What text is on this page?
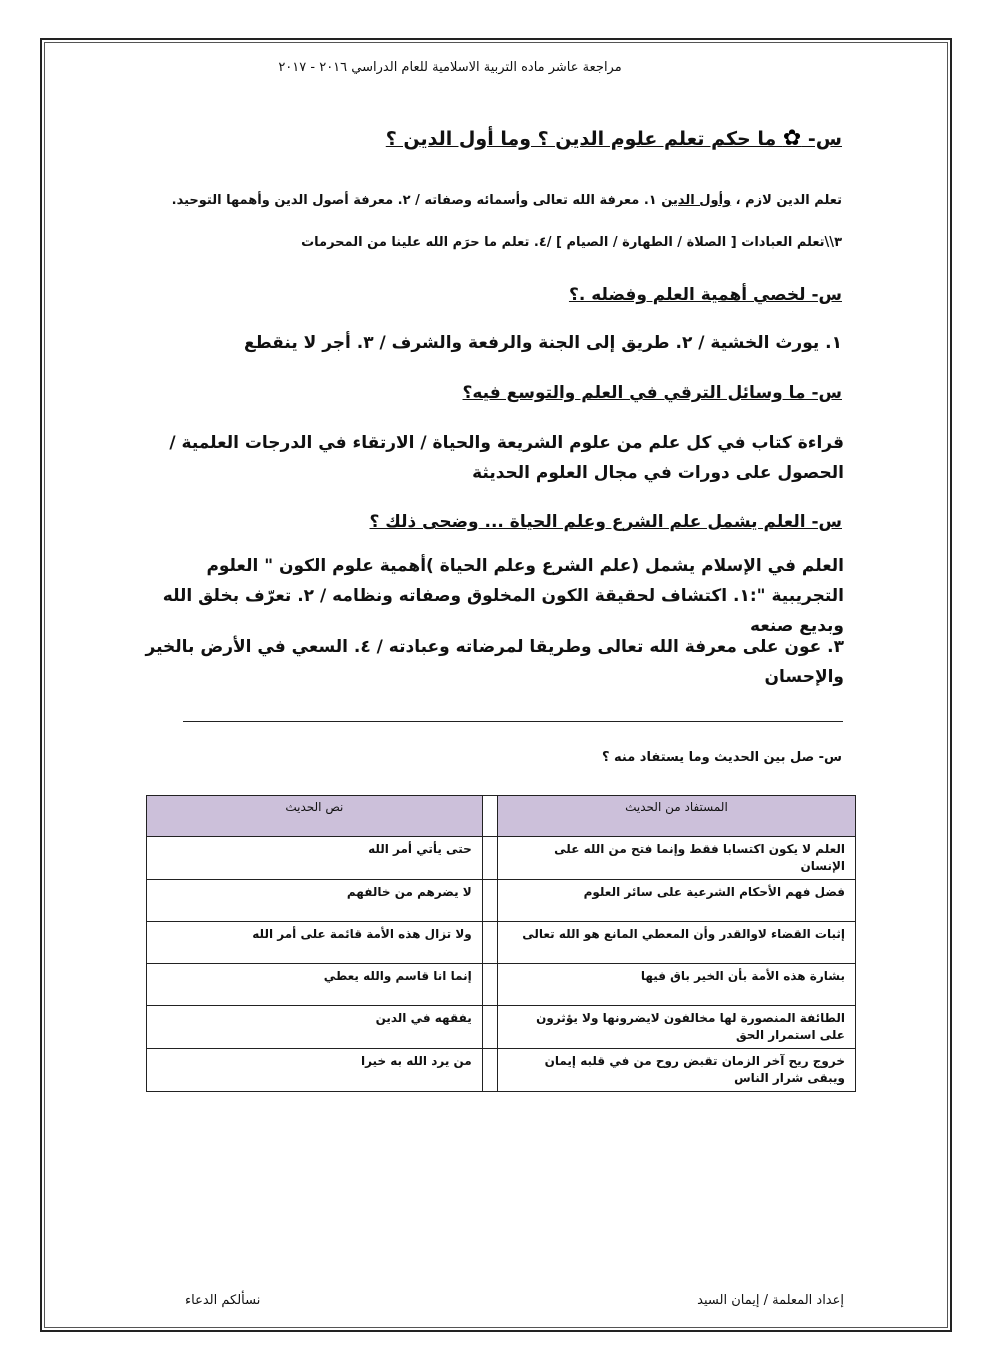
مراجعة عاشر ماده التربية الاسلامية للعام الدراسي ٢٠١٦ - ٢٠١٧
س- ✿ ما حكم تعلم علوم الدين ؟ وما أول الدين ؟
تعلم الدين لازم ، وأول الدين ١. معرفة الله تعالى وأسمائه وصفاته / ٢. معرفة أصول الدين وأهمها التوحيد.
٣\\تعلم العبادات [ الصلاة / الطهارة / الصيام ] /٤. تعلم ما حرَم الله علينا من المحرمات
س- لخصي أهمية العلم وفضله .؟
١. يورث الخشية / ٢. طريق إلى الجنة والرفعة والشرف / ٣. أجر لا ينقطع
س- ما وسائل الترقي في العلم والتوسع فيه؟
قراءة كتاب في كل علم من علوم الشريعة والحياة / الارتقاء في الدرجات العلمية / الحصول على دورات في مجال العلوم الحديثة
س- العلم يشمل علم الشرع وعلم الحياة ... وضحى ذلك ؟
العلم في الإسلام يشمل (علم الشرع وعلم الحياة )أهمية علوم الكون " العلوم التجريبية ":١. اكتشاف لحقيقة الكون المخلوق وصفاته ونظامه / ٢. تعرّف بخلق الله وبديع صنعه
٣. عون على معرفة الله تعالى وطريقا لمرضاته وعبادته / ٤. السعي في الأرض بالخير والإحسان
س- صل بين الحديث وما يستفاد منه ؟
المستفاد من الحديث		نص الحديث
العلم لا يكون اكتسابا فقط وإنما فتح من الله على الإنسان		حتى يأتي أمر الله
فضل فهم الأحكام الشرعية على سائر العلوم		لا يضرهم من خالفهم
إثبات القضاء لاوالقدر وأن المعطي المانع هو الله تعالى		ولا تزال هذه الأمة قائمة على أمر الله
بشارة هذه الأمة بأن الخير باق فيها		إنما انا قاسم والله يعطي
الطائفة المنصورة لها مخالفون لايضرونها ولا يؤثرون على استمرار الحق		يفقهه في الدين
خروج ريح آخر الزمان تقبض روح من في قلبه إيمان ويبقى شرار الناس		من يرد الله به خيرا
إعداد المعلمة / إيمان السيد
نسألكم الدعاء
